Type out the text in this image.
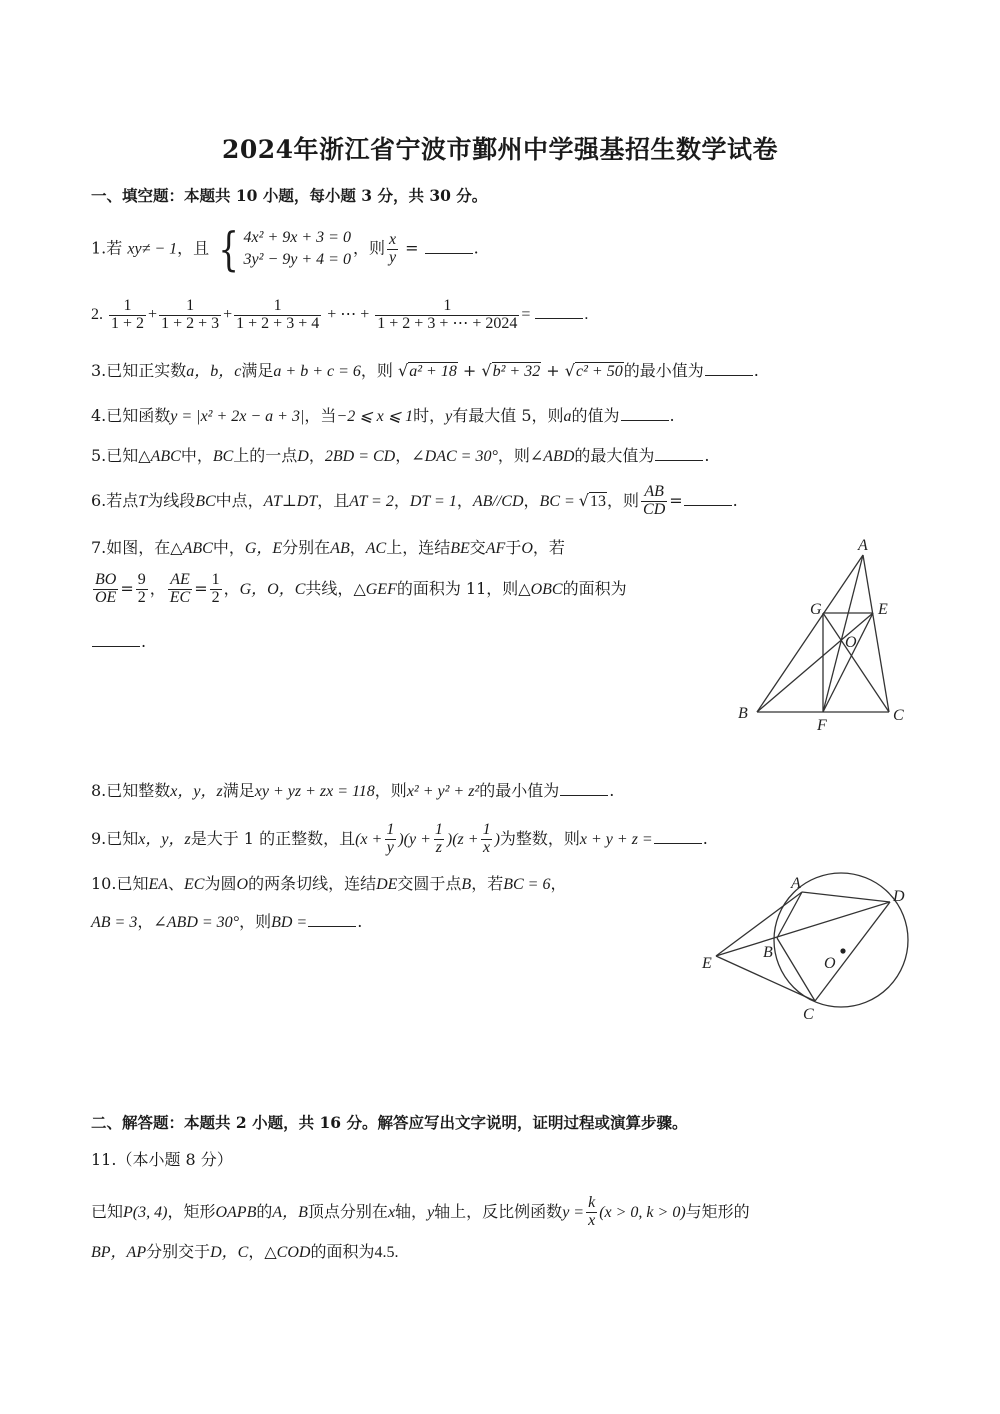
2024年浙江省宁波市鄞州中学强基招生数学试卷
一、填空题：本题共 10 小题，每小题 3 分，共 30 分。
1.若 xy≠ − 1，且 { 4x² + 9x + 3 = 0
3y² − 9y + 4 = 0
，则 $\frac{x}{y}$ =	.
2. $\frac{1}{1 + 2} + \frac{1}{1 + 2 + 3} + \frac{1}{1 + 2 + 3 + 4}$ + ⋯ + $\frac{1}{1 + 2 + 3 + \cdots + 2024}$ =	.
3.已知正实数a，b，c满足a + b + c = 6，则 √a² + 18 + √b² + 32 + √c² + 50的最小值为	.
4.已知函数y = |x² + 2x − a + 3|，当−2 ⩽ x ⩽ 1时，y有最大值 5，则a的值为	.
5.已知△ABC中，BC上的一点D，2BD = CD，∠DAC = 30°，则∠ABD的最大值为	.
6.若点T为线段BC中点，AT⊥DT，且AT = 2，DT = 1，AB//CD，BC = √13，则 $\frac{AB}{CD}$ =	.
7.如图，在△ABC中，G，E分别在AB，AC上，连结BE交AF于O，若
$\frac{BO}{OE} = \frac{9}{2}$ ， $\frac{AE}{EC} = \frac{1}{2}$ ，G，O，C共线，△GEF的面积为 11，则△OBC的面积为
.
A
G	E
O
B
F
C
8.已知整数x，y，z满足xy + yz + zx = 118，则x² + y² + z²的最小值为	.
9.已知x，y，z是大于 1 的正整数，且$(x + \frac{1}{y} )(y + \frac{1}{z} )(z + \frac{1}{x}$ )为整数，则x + y + z =	.
10.已知EA、EC为圆O的两条切线，连结DE交圆于点B，若BC = 6，
AB = 3，∠ABD = 30°，则BD =	.
A
D
B
E	O
C
二、解答题：本题共 2 小题，共 16 分。解答应写出文字说明，证明过程或演算步骤。
11.（本小题 8 分）
已知P(3, 4)，矩形OAPB的A，B顶点分别在x轴，y轴上，反比例函数$y = \frac{k}{x} (x > 0$, k > 0)与矩形的
BP，AP分别交于D，C，△COD的面积为4.5.
